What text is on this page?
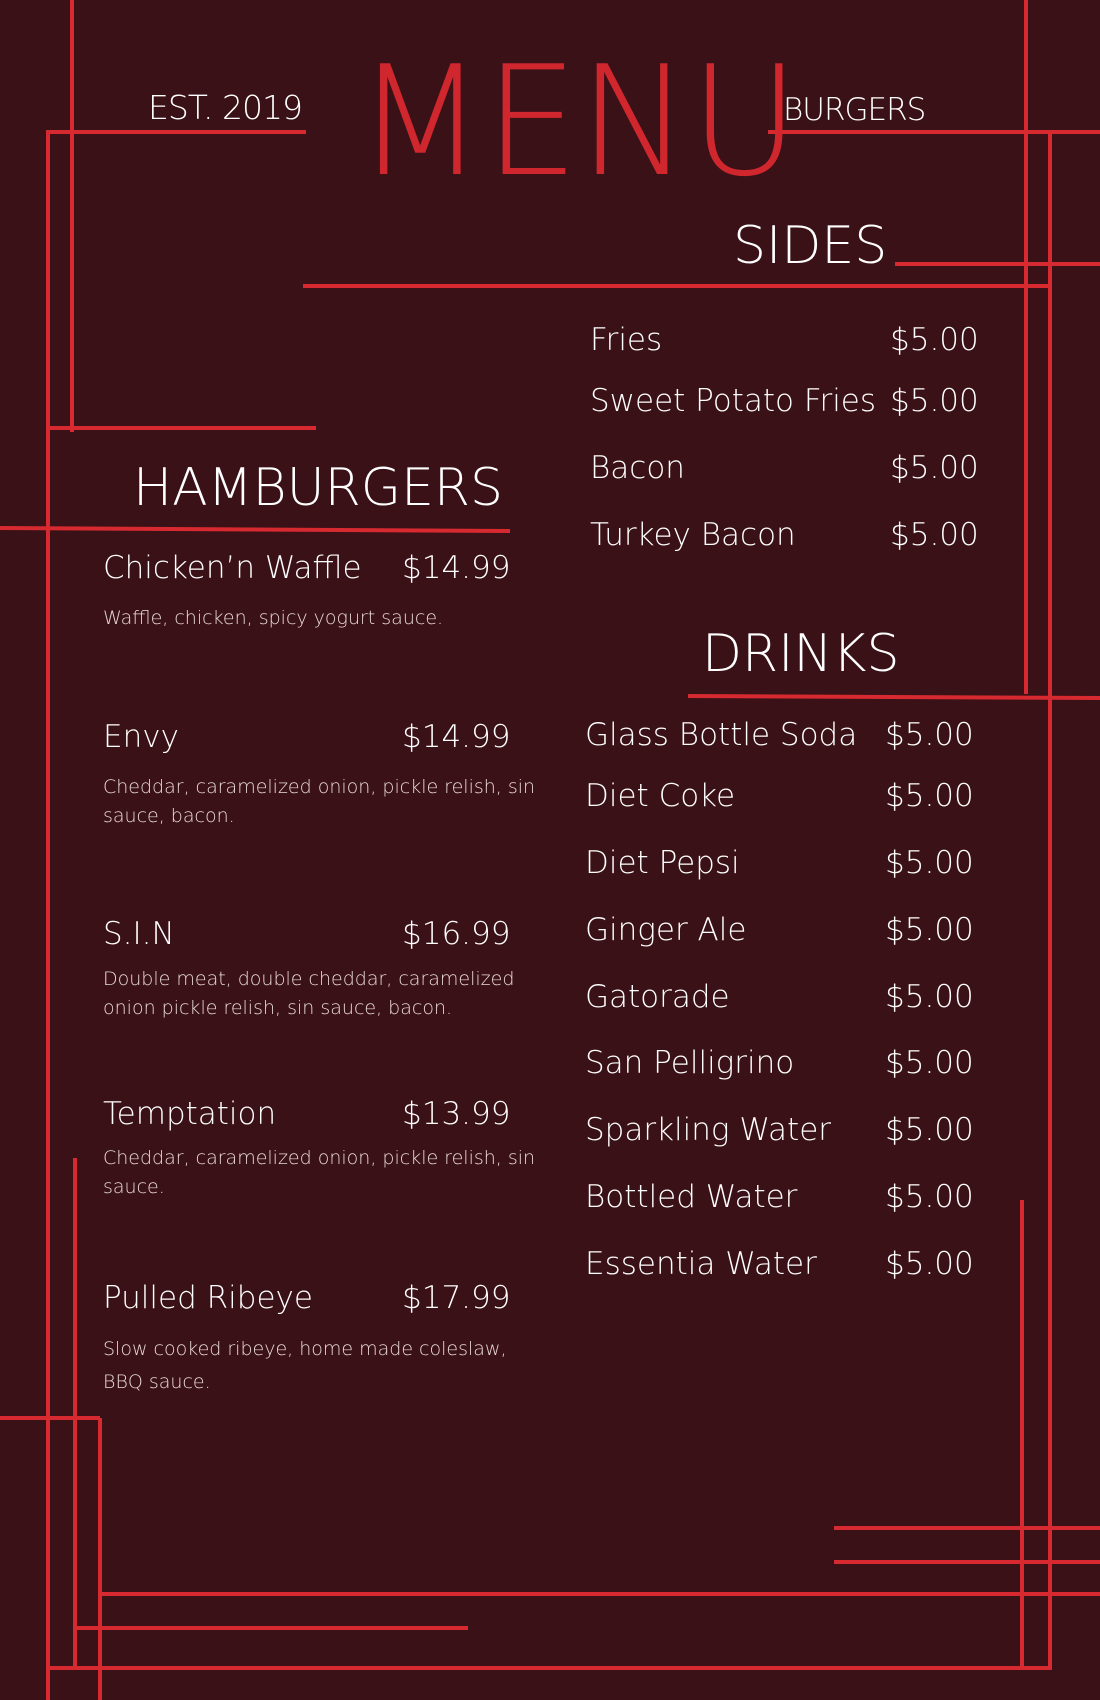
EST. 2019 MENU
BURGERS
SIDES
Fries	$5.00
Sweet Potato Fries $5.00
Bacon	$5.00
Turkey Bacon	$5.00
HAMBURGERS
Chicken’n Waffle $14.99
Waffle, chicken, spicy yogurt sauce.
Envy	$14.99
Cheddar, caramelized onion, pickle relish, sin sauce, bacon.
S.I.N	$16.99
Double meat, double cheddar, caramelized onion pickle relish, sin sauce, bacon.
Temptation	$13.99
Cheddar, caramelized onion, pickle relish, sin sauce.
Pulled Ribeye	$17.99
Slow cooked ribeye, home made coleslaw, BBQ sauce.
DRINKS
Glass Bottle Soda $5.00
Diet Coke	$5.00
Diet Pepsi	$5.00
Ginger Ale	$5.00
Gatorade	$5.00
San Pelligrino	$5.00
Sparkling Water $5.00
Bottled Water	$5.00
Essentia Water $5.00
